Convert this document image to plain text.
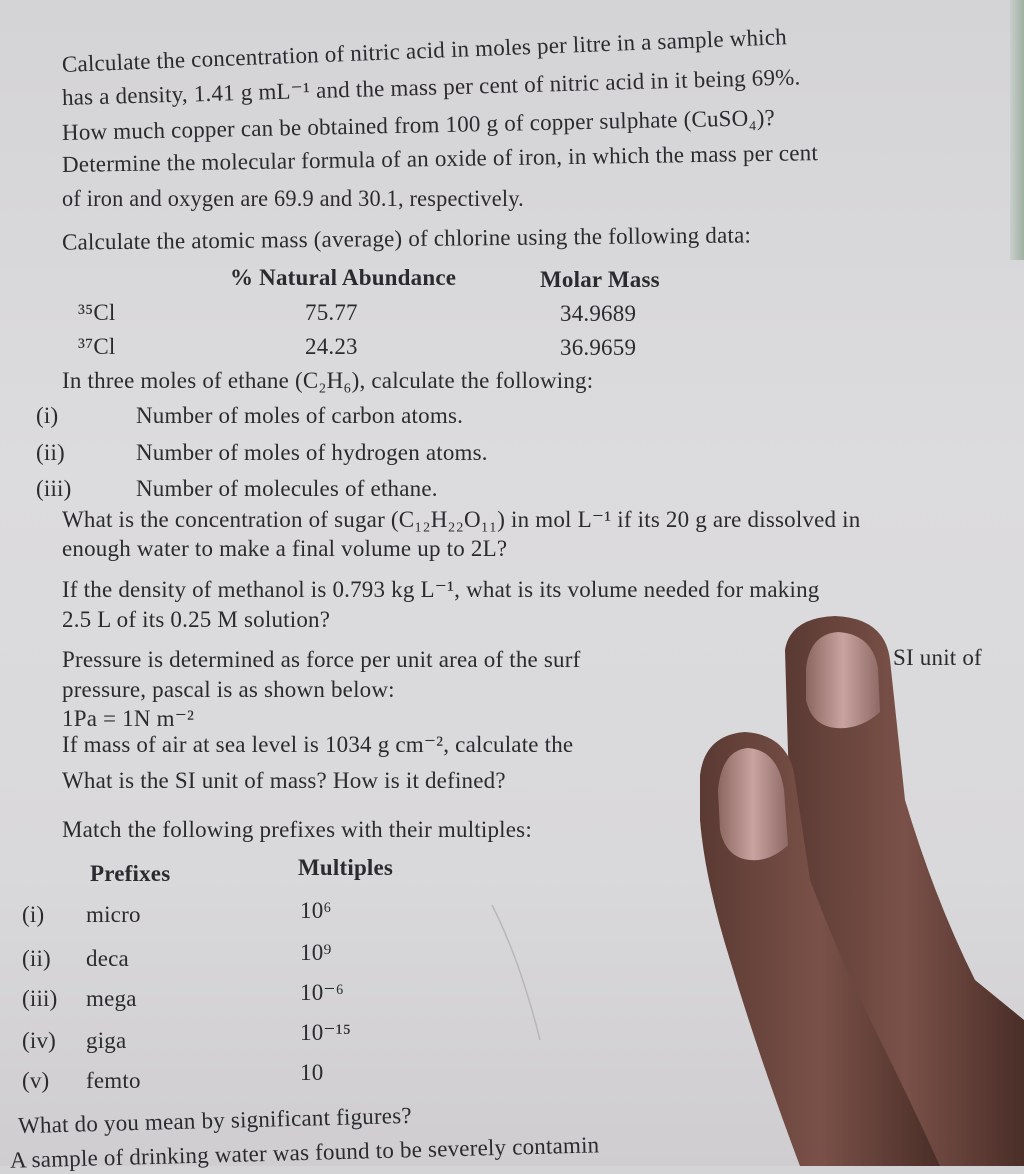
Calculate the concentration of nitric acid in moles per litre in a sample which
has a density, 1.41 g mL⁻¹ and the mass per cent of nitric acid in it being 69%.
How much copper can be obtained from 100 g of copper sulphate (CuSO₄)?
Determine the molecular formula of an oxide of iron, in which the mass per cent
of iron and oxygen are 69.9 and 30.1, respectively.
Calculate the atomic mass (average) of chlorine using the following data:
% Natural Abundance	Molar Mass
³⁵Cl	75.77	34.9689
³⁷Cl	24.23	36.9659
In three moles of ethane (C₂H₆), calculate the following:
(i)	Number of moles of carbon atoms.
(ii)	Number of moles of hydrogen atoms.
(iii)	Number of molecules of ethane.
What is the concentration of sugar (C₁₂H₂₂O₁₁) in mol L⁻¹ if its 20 g are dissolved in
enough water to make a final volume up to 2L?
If the density of methanol is 0.793 kg L⁻¹, what is its volume needed for making
2.5 L of its 0.25 M solution?
Pressure is determined as force per unit area of the surf	SI unit of
pressure, pascal is as shown below:
1Pa = 1N m⁻²
If mass of air at sea level is 1034 g cm⁻², calculate the
What is the SI unit of mass? How is it defined?
Match the following prefixes with their multiples:
Prefixes	Multiples
(i) micro	10⁶
(ii) deca	10⁹
(iii) mega	10⁻⁶
(iv) giga	10⁻¹⁵
(v) femto	10
What do you mean by significant figures?
A sample of drinking water was found to be severely contamin
